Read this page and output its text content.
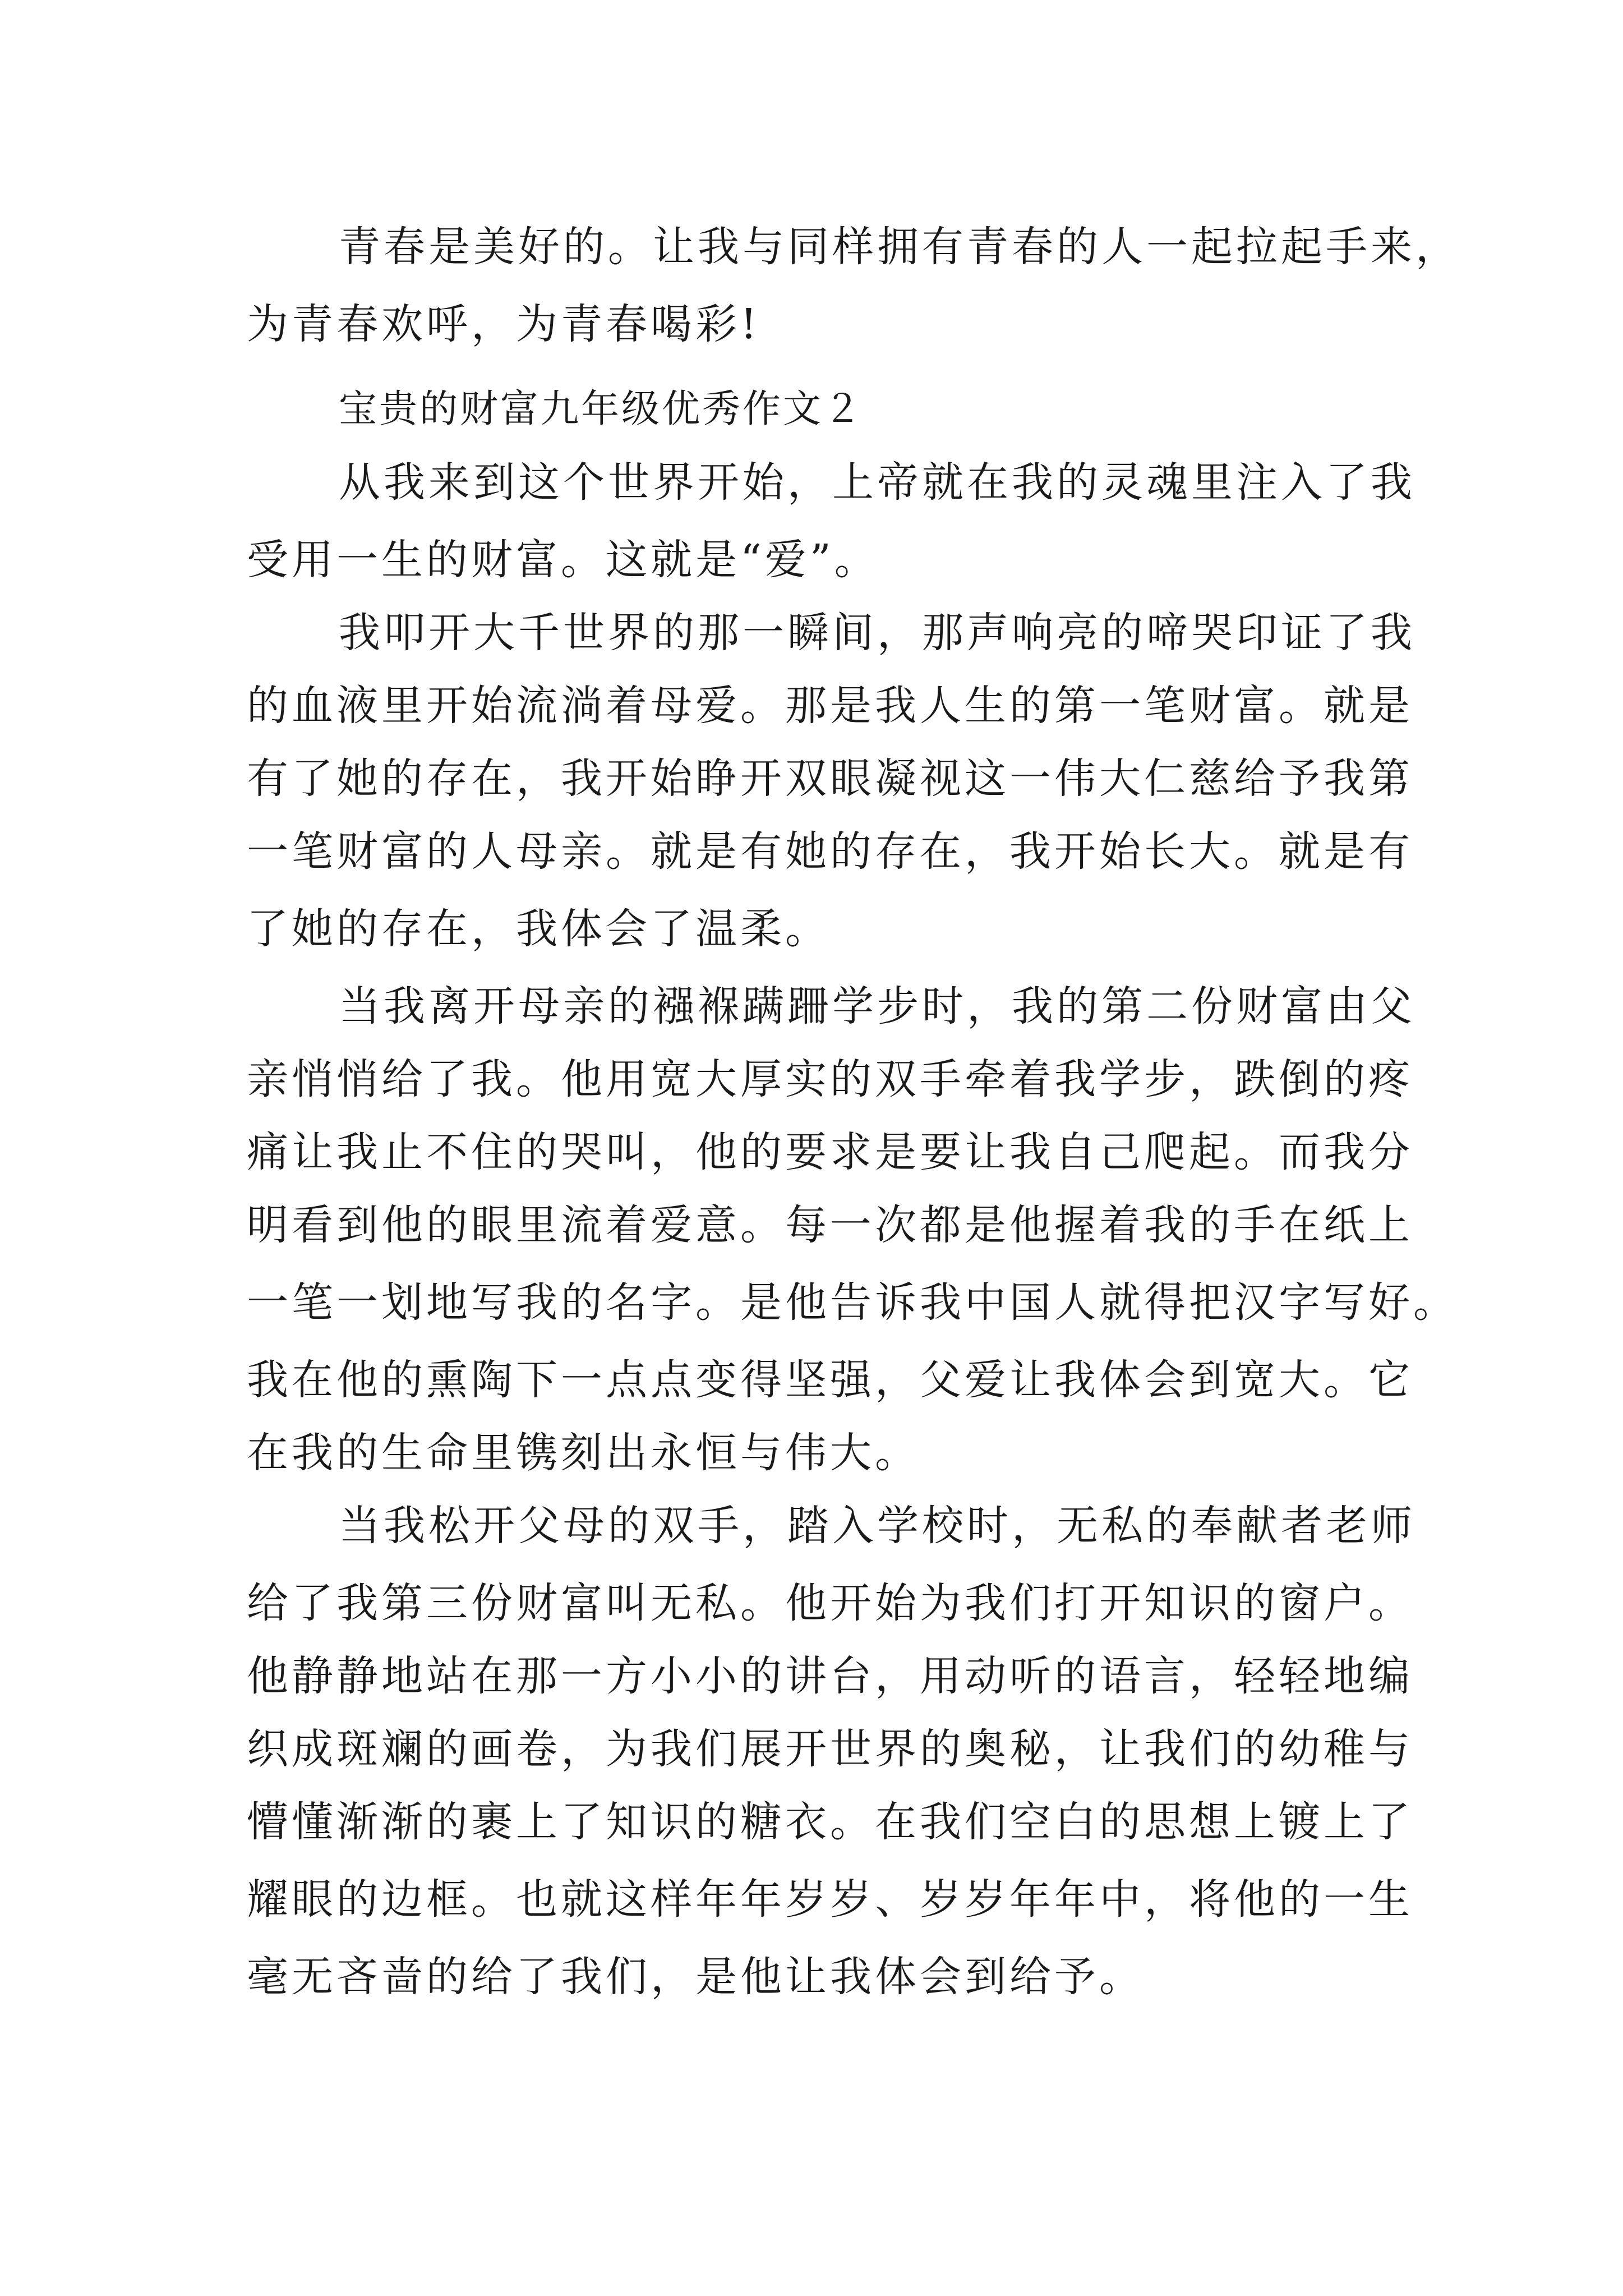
青春是美好的。让我与同样拥有青春的人一起拉起手来，
为青春欢呼，为青春喝彩!
宝贵的财富九年级优秀作文２
从我来到这个世界开始，上帝就在我的灵魂里注入了我
受用一生的财富。这就是“爱”。
我叩开大千世界的那一瞬间，那声响亮的啼哭印证了我
的血液里开始流淌着母爱。那是我人生的第一笔财富。就是
有了她的存在，我开始睁开双眼凝视这一伟大仁慈给予我第
一笔财富的人母亲。就是有她的存在，我开始长大。就是有
了她的存在，我体会了温柔。
当我离开母亲的襁褓蹒跚学步时，我的第二份财富由父
亲悄悄给了我。他用宽大厚实的双手牵着我学步，跌倒的疼
痛让我止不住的哭叫，他的要求是要让我自己爬起。而我分
明看到他的眼里流着爱意。每一次都是他握着我的手在纸上
一笔一划地写我的名字。是他告诉我中国人就得把汉字写好。
我在他的熏陶下一点点变得坚强，父爱让我体会到宽大。它
在我的生命里镌刻出永恒与伟大。
当我松开父母的双手，踏入学校时，无私的奉献者老师
给了我第三份财富叫无私。他开始为我们打开知识的窗户。
他静静地站在那一方小小的讲台，用动听的语言，轻轻地编
织成斑斓的画卷，为我们展开世界的奥秘，让我们的幼稚与
懵懂渐渐的裹上了知识的糖衣。在我们空白的思想上镀上了
耀眼的边框。也就这样年年岁岁、岁岁年年中，将他的一生
毫无吝啬的给了我们，是他让我体会到给予。
